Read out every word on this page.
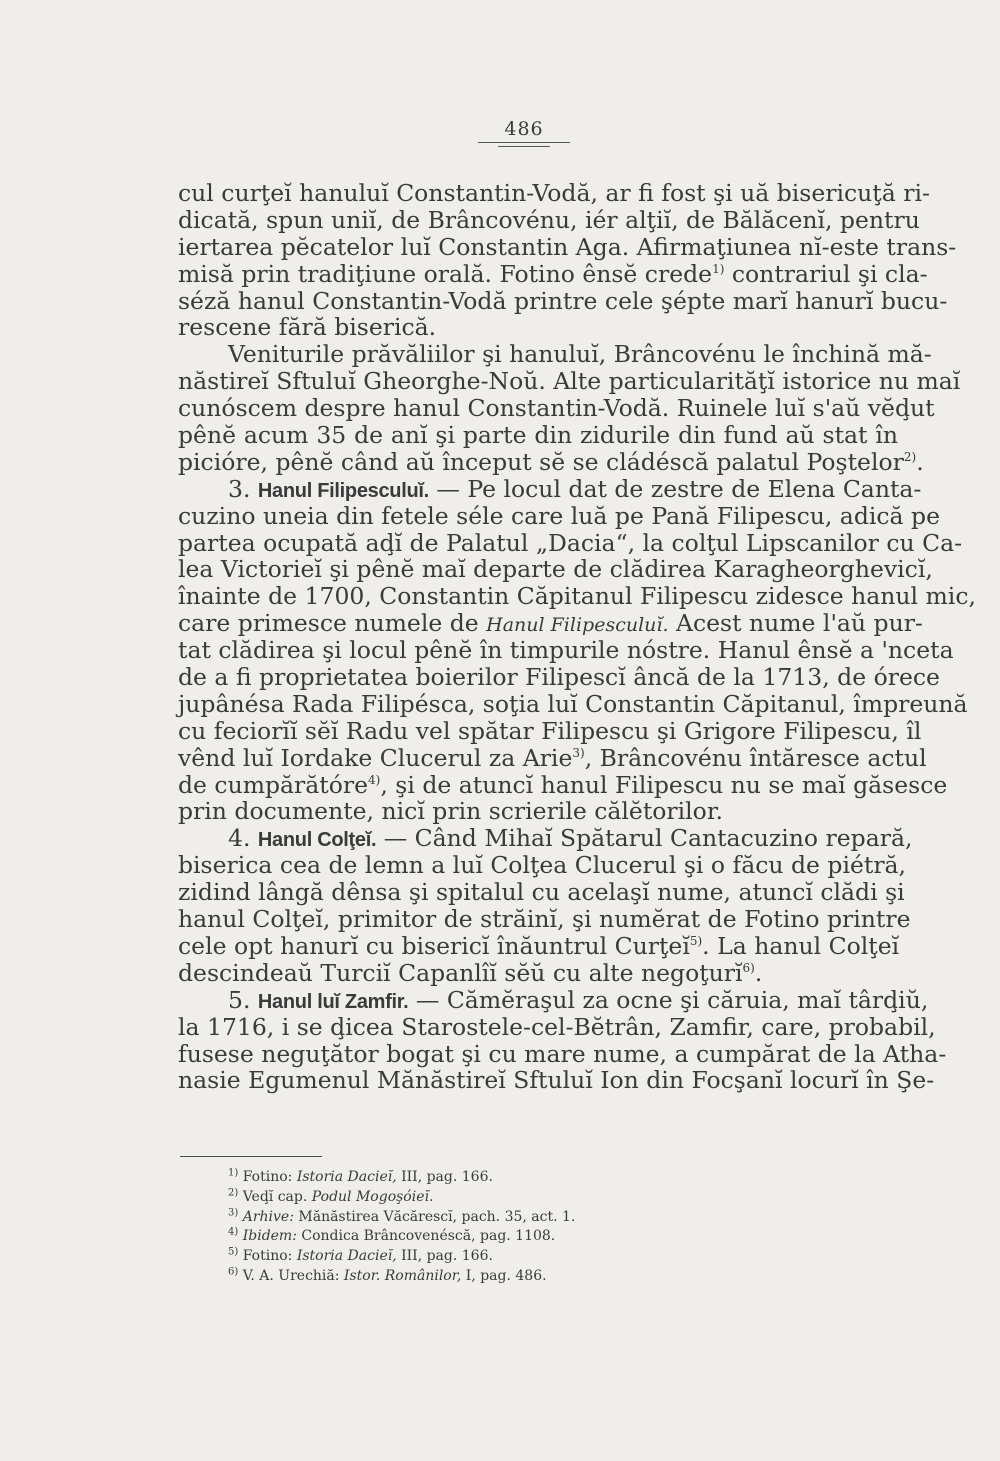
486
cul curţeĭ hanuluĭ Constantin-Vodă, ar fi fost şi uă bisericuţă ri-
dicată, spun uniĭ, de Brâncovénu, iér alţiĭ, de Bălăcenĭ, pentru
iertarea pĕcatelor luĭ Constantin Aga. Afirmaţiunea nĭ-este trans-
misă prin tradiţiune orală. Fotino ênsĕ crede$^{1)}$ contrariul şi cla-
séză hanul Constantin-Vodă printre cele şépte marĭ hanurĭ bucu-
rescene fără biserică.
Veniturile prăvăliilor şi hanuluĭ, Brâncovénu le închină mă-
năstireĭ Sftuluĭ Gheorghe-Noŭ. Alte particularităţĭ istorice nu maĭ
cunóscem despre hanul Constantin-Vodă. Ruinele luĭ s'aŭ vĕḑut
pênĕ acum 35 de anĭ şi parte din zidurile din fund aŭ stat în
picióre, pênĕ când aŭ început sĕ se cládéscă palatul Poştelor$^{2)}$.
3. Hanul Filipesculuĭ. — Pe locul dat de zestre de Elena Canta-
cuzino uneia din fetele séle care luă pe Pană Filipescu, adică pe
partea ocupată aḑĭ de Palatul „Dacia“, la colţul Lipscanilor cu Ca-
lea Victorieĭ şi pênĕ maĭ departe de clădirea Karagheorghevicĭ,
înainte de 1700, Constantin Căpitanul Filipescu zidesce hanul mic,
care primesce numele de Hanul Filipesculuĭ. Acest nume l'aŭ pur-
tat clădirea şi locul pênĕ în timpurile nóstre. Hanul ênsĕ a 'nceta
de a fi proprietatea boierilor Filipescĭ âncă de la 1713, de órece
jupânésa Rada Filipésca, soţia luĭ Constantin Căpitanul, împreună
cu feciorĭĭ sĕĭ Radu vel spătar Filipescu şi Grigore Filipescu, îl
vênd luĭ Iordake Clucerul za Arie$^{3)}$, Brâncovénu întăresce actul
de cumpărătóre$^{4)}$, şi de atuncĭ hanul Filipescu nu se maĭ găsesce
prin documente, nicĭ prin scrierile călĕtorilor.
4. Hanul Colţeĭ. — Când Mihaĭ Spătarul Cantacuzino repară,
biserica cea de lemn a luĭ Colţea Clucerul şi o făcu de piétră,
zidind lângă dênsa şi spitalul cu acelaşĭ nume, atuncĭ clădi şi
hanul Colţeĭ, primitor de străinĭ, şi numĕrat de Fotino printre
cele opt hanurĭ cu bisericĭ înăuntrul Curţeĭ$^{5)}$. La hanul Colţeĭ
descindeaŭ Turciĭ Capanlîĭ sĕŭ cu alte negoţurĭ$^{6)}$.
5. Hanul luĭ Zamfir. — Cămĕraşul za ocne şi căruia, maĭ târḑiŭ,
la 1716, i se ḑicea Starostele-cel-Bĕtrân, Zamfir, care, probabil,
fusese neguţător bogat şi cu mare nume, a cumpărat de la Atha-
nasie Egumenul Mănăstireĭ Sftuluĭ Ion din Focşanĭ locurĭ în Şe-
$^{1)}$ Fotino: Istoria Dacieĭ, III, pag. 166.
$^{2)}$ Veḑĭ cap. Podul Mogoşóieĭ.
$^{3)}$ Arhive: Mănăstirea Văcărescĭ, pach. 35, act. 1.
$^{4)}$ Ibidem: Condica Brâncovenéscă, pag. 1108.
$^{5)}$ Fotino: Istoria Dacieĭ, III, pag. 166.
$^{6)}$ V. A. Urechiă: Istor. Românilor, I, pag. 486.
